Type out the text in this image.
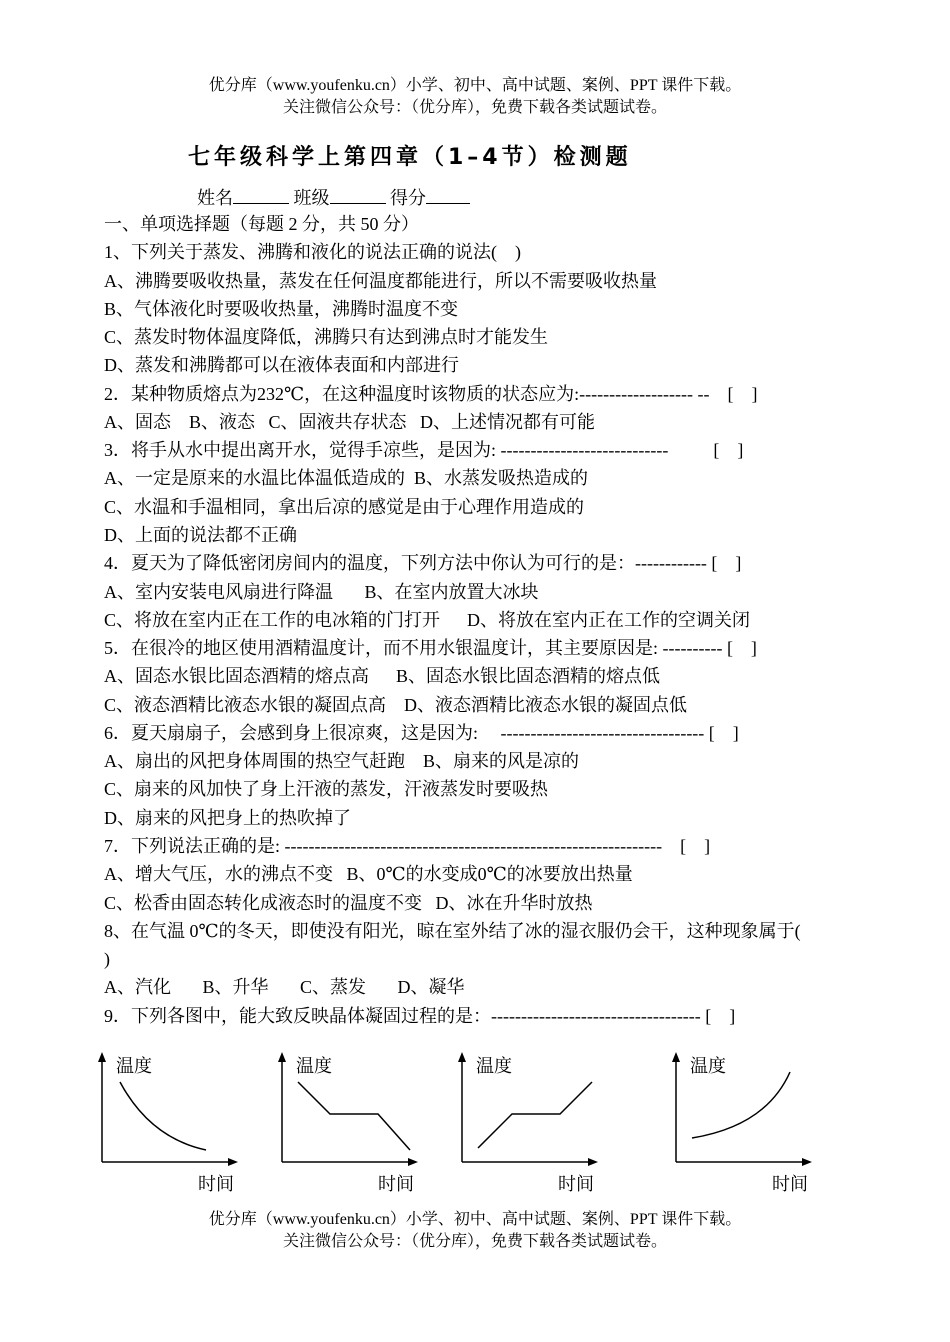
优分库（www.youfenku.cn）小学、初中、高中试题、案例、PPT 课件下载。
关注微信公众号：（优分库），免费下载各类试题试卷。
七年级科学上第四章（1–4节）检测题
姓名	班级	得分
一、单项选择题（每题 2 分，共 50 分）
1、下列关于蒸发、沸腾和液化的说法正确的说法(    )
A、沸腾要吸收热量，蒸发在任何温度都能进行，所以不需要吸收热量
B、气体液化时要吸收热量，沸腾时温度不变
C、蒸发时物体温度降低，沸腾只有达到沸点时才能发生
D、蒸发和沸腾都可以在液体表面和内部进行
2．某种物质熔点为232℃，在这种温度时该物质的状态应为:------------------- --    [    ]
A、固态    B、液态   C、固液共存状态   D、上述情况都有可能
3．将手从水中提出离开水，觉得手凉些，是因为: ----------------------------          [    ]
A、一定是原来的水温比体温低造成的  B、水蒸发吸热造成的
C、水温和手温相同，拿出后凉的感觉是由于心理作用造成的
D、上面的说法都不正确
4．夏天为了降低密闭房间内的温度，下列方法中你认为可行的是：------------ [    ]
A、室内安装电风扇进行降温       B、在室内放置大冰块
C、将放在室内正在工作的电冰箱的门打开      D、将放在室内正在工作的空调关闭
5．在很冷的地区使用酒精温度计，而不用水银温度计，其主要原因是: ---------- [    ]
A、固态水银比固态酒精的熔点高      B、固态水银比固态酒精的熔点低
C、液态酒精比液态水银的凝固点高    D、液态酒精比液态水银的凝固点低
6．夏天扇扇子，会感到身上很凉爽，这是因为:     ---------------------------------- [    ]
A、扇出的风把身体周围的热空气赶跑    B、扇来的风是凉的
C、扇来的风加快了身上汗液的蒸发，汗液蒸发时要吸热
D、扇来的风把身上的热吹掉了
7．下列说法正确的是: ---------------------------------------------------------------    [    ]
A、增大气压，水的沸点不变   B、0℃的水变成0℃的冰要放出热量
C、松香由固态转化成液态时的温度不变   D、冰在升华时放热
8、在气温 0℃的冬天，即使没有阳光，晾在室外结了冰的湿衣服仍会干，这种现象属于(
)
A、汽化       B、升华       C、蒸发       D、凝华
9．下列各图中，能大致反映晶体凝固过程的是：----------------------------------- [    ]
温度
时间
温度
时间
温度
时间
温度
时间
优分库（www.youfenku.cn）小学、初中、高中试题、案例、PPT 课件下载。
关注微信公众号：（优分库），免费下载各类试题试卷。
